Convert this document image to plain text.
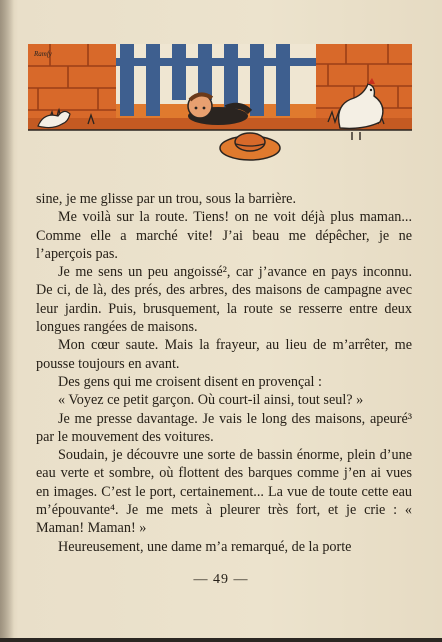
Ramfy

sine, je me glisse par un trou, sous la barrière.

Me voilà sur la route. Tiens! on ne voit déjà plus maman... Comme elle a marché vite! J’ai beau me dépêcher, je ne l’aperçois pas.

Je me sens un peu angoissé², car j’avance en pays inconnu. De ci, de là, des prés, des arbres, des maisons de campagne avec leur jardin. Puis, brusquement, la route se resserre entre deux longues rangées de maisons.

Mon cœur saute. Mais la frayeur, au lieu de m’arrêter, me pousse toujours en avant.

Des gens qui me croisent disent en provençal :

« Voyez ce petit garçon. Où court-il ainsi, tout seul? »

Je me presse davantage. Je vais le long des maisons, apeuré³ par le mouvement des voitures.

Soudain, je découvre une sorte de bassin énorme, plein d’une eau verte et sombre, où flottent des barques comme j’en ai vues en images. C’est le port, certainement... La vue de toute cette eau m’épouvante⁴. Je me mets à pleurer très fort, et je crie : « Maman! Maman! »

Heureusement, une dame m’a remarqué, de la porte

— 49 —
